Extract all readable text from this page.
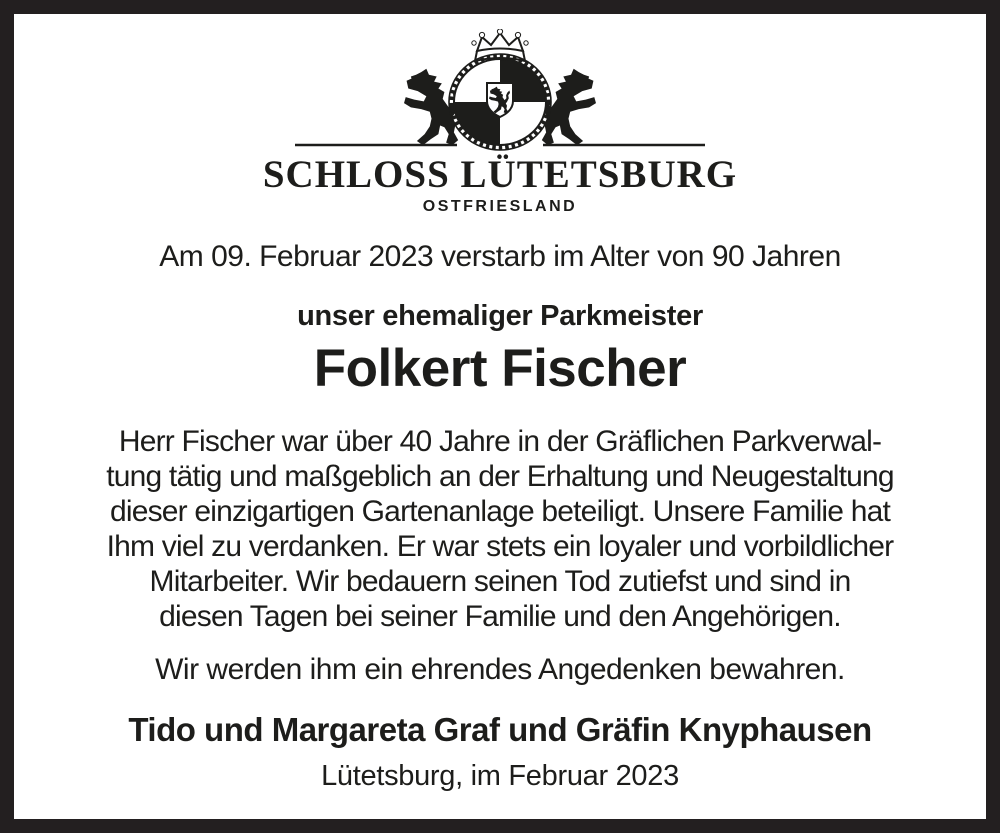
SCHLOSS LÜTETSBURG
OSTFRIESLAND

Am 09. Februar 2023 verstarb im Alter von 90 Jahren

unser ehemaliger Parkmeister

Folkert Fischer
Herr Fischer war über 40 Jahre in der Gräflichen Parkverwal-
tung tätig und maßgeblich an der Erhaltung und Neugestaltung
dieser einzigartigen Gartenanlage beteiligt. Unsere Familie hat
Ihm viel zu verdanken. Er war stets ein loyaler und vorbildlicher
Mitarbeiter. Wir bedauern seinen Tod zutiefst und sind in
diesen Tagen bei seiner Familie und den Angehörigen.

Wir werden ihm ein ehrendes Angedenken bewahren.

Tido und Margareta Graf und Gräfin Knyphausen

Lütetsburg, im Februar 2023
